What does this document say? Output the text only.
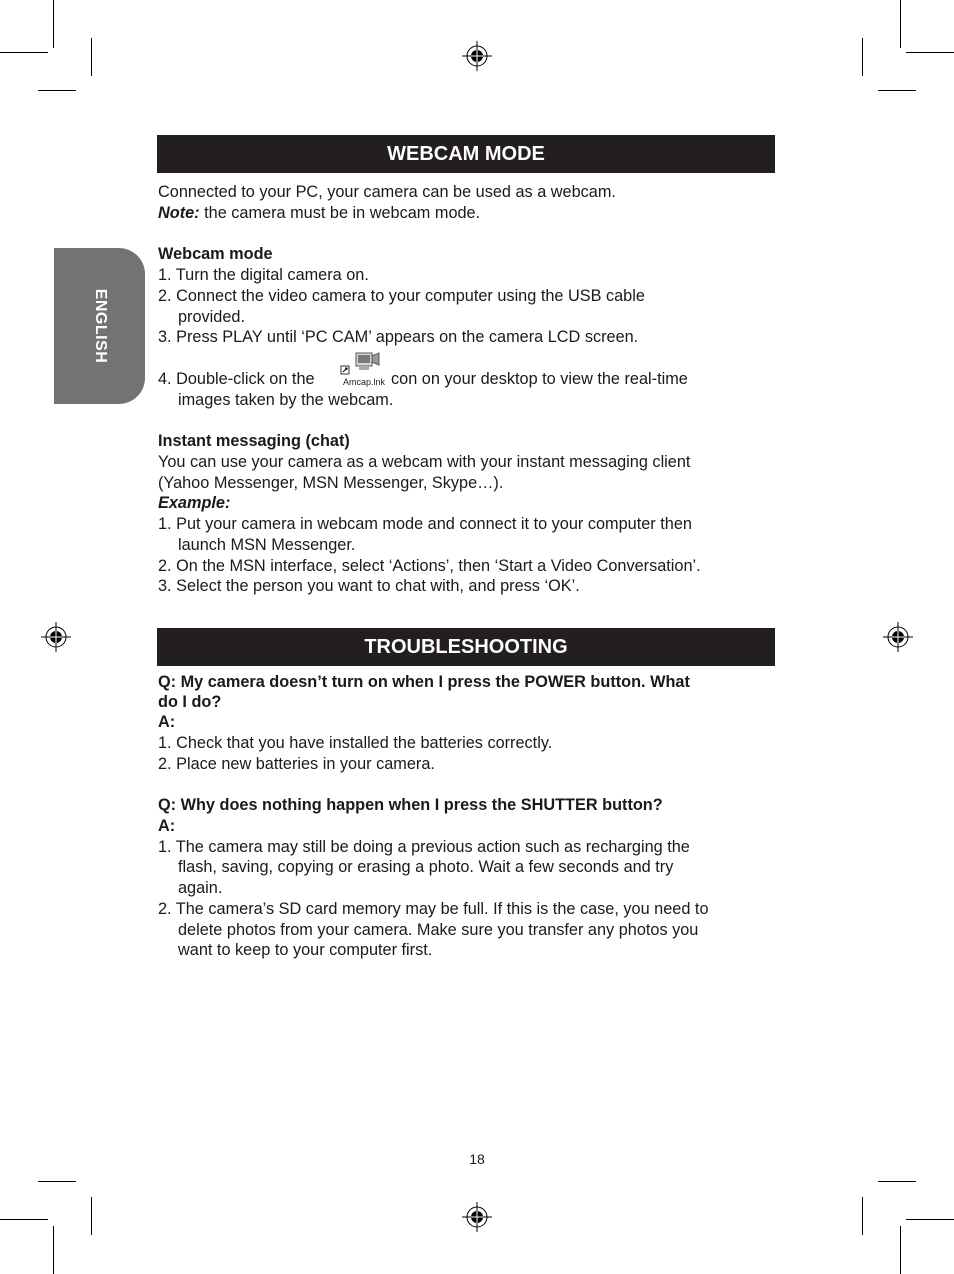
ENGLISH
WEBCAM MODE
Connected to your PC, your camera can be used as a webcam.
Note: the camera must be in webcam mode.
Webcam mode
1. Turn the digital camera on.
2. Connect the video camera to your computer using the USB cable
provided.
3. Press PLAY until ‘PC CAM’ appears on the camera LCD screen.
4. Double-click on the	Amcap.lnk con on your desktop to view the real-time
images taken by the webcam.
Instant messaging (chat)
You can use your camera as a webcam with your instant messaging client
(Yahoo Messenger, MSN Messenger, Skype…).
Example:
1. Put your camera in webcam mode and connect it to your computer then
launch MSN Messenger.
2. On the MSN interface, select ‘Actions’, then ‘Start a Video Conversation’.
3. Select the person you want to chat with, and press ‘OK’.
TROUBLESHOOTING
Q: My camera doesn’t turn on when I press the POWER button. What
do I do?
A:
1. Check that you have installed the batteries correctly.
2. Place new batteries in your camera.
Q: Why does nothing happen when I press the SHUTTER button?
A:
1. The camera may still be doing a previous action such as recharging the
flash, saving, copying or erasing a photo. Wait a few seconds and try
again.
2. The camera’s SD card memory may be full. If this is the case, you need to
delete photos from your camera. Make sure you transfer any photos you
want to keep to your computer first.
18
